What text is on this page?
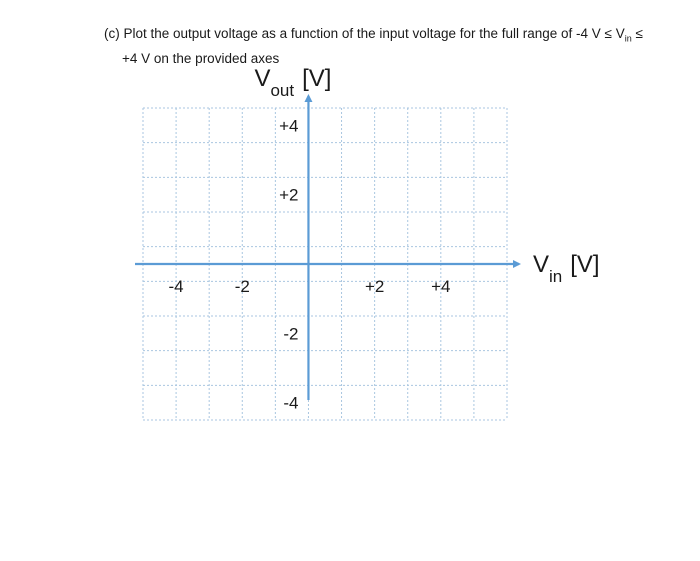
(c) Plot the output voltage as a function of the input voltage for the full range of -4 $V \le V_{in}$ ≤
+4 V on the provided axes
-4	-2	+2	+4
+4
+2
-2
-4
$V_{out}$ [V]
$V_{in}$ [V]
